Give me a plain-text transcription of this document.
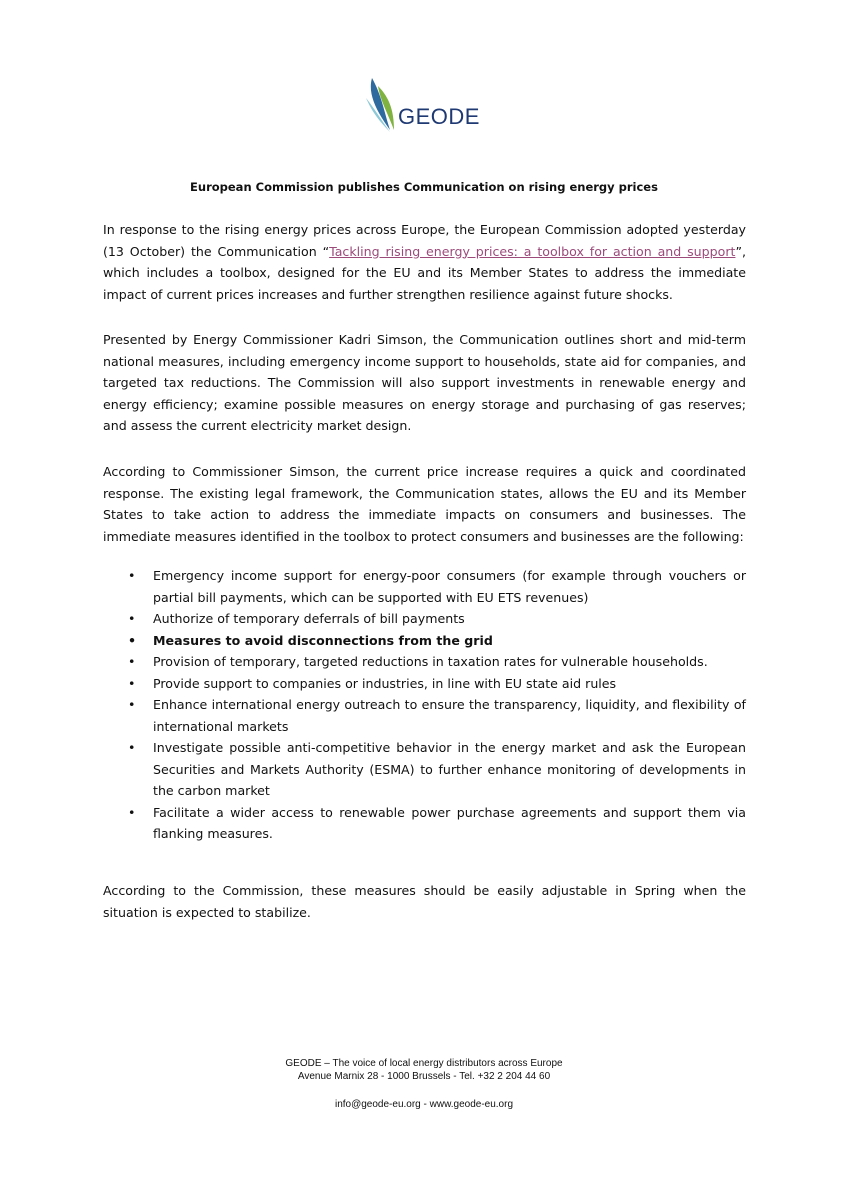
GEODE
European Commission publishes Communication on rising energy prices

In response to the rising energy prices across Europe, the European Commission adopted yesterday (13 October) the Communication “Tackling rising energy prices: a toolbox for action and support”, which includes a toolbox, designed for the EU and its Member States to address the immediate impact of current prices increases and further strengthen resilience against future shocks.

Presented by Energy Commissioner Kadri Simson, the Communication outlines short and mid-term national measures, including emergency income support to households, state aid for companies, and targeted tax reductions. The Commission will also support investments in renewable energy and energy efficiency; examine possible measures on energy storage and purchasing of gas reserves; and assess the current electricity market design.

According to Commissioner Simson, the current price increase requires a quick and coordinated response. The existing legal framework, the Communication states, allows the EU and its Member States to take action to address the immediate impacts on consumers and businesses. The immediate measures identified in the toolbox to protect consumers and businesses are the following:

• Emergency income support for energy-poor consumers (for example through vouchers or partial bill payments, which can be supported with EU ETS revenues)
• Authorize of temporary deferrals of bill payments
• Measures to avoid disconnections from the grid
• Provision of temporary, targeted reductions in taxation rates for vulnerable households.
• Provide support to companies or industries, in line with EU state aid rules
• Enhance international energy outreach to ensure the transparency, liquidity, and flexibility of international markets
• Investigate possible anti-competitive behavior in the energy market and ask the European Securities and Markets Authority (ESMA) to further enhance monitoring of developments in the carbon market
• Facilitate a wider access to renewable power purchase agreements and support them via flanking measures.

According to the Commission, these measures should be easily adjustable in Spring when the situation is expected to stabilize.

GEODE – The voice of local energy distributors across Europe
Avenue Marnix 28 - 1000 Brussels - Tel. +32 2 204 44 60
info@geode-eu.org - www.geode-eu.org
